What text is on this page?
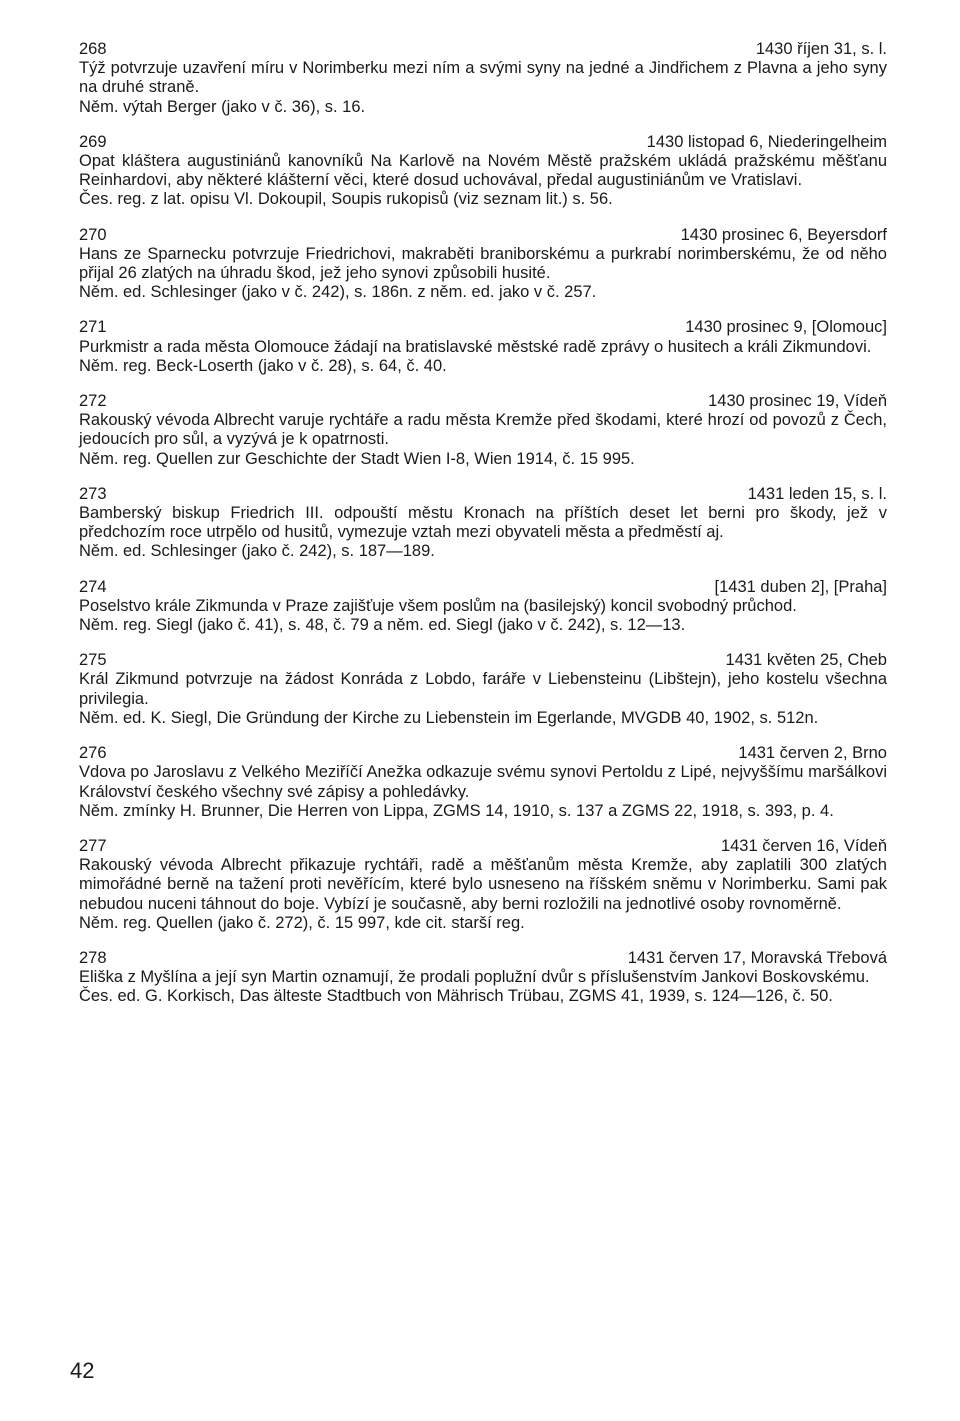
268	1430 říjen 31, s. l.
Týž potvrzuje uzavření míru v Norimberku mezi ním a svými syny na jedné a Jindřichem z Plavna a jeho syny na druhé straně.
Něm. výtah Berger (jako v č. 36), s. 16.
269	1430 listopad 6, Niederingelheim
Opat kláštera augustiniánů kanovníků Na Karlově na Novém Městě pražském ukládá pražskému měšťanu Reinhardovi, aby některé klášterní věci, které dosud uchovával, předal augustiniánům ve Vratislavi.
Čes. reg. z lat. opisu Vl. Dokoupil, Soupis rukopisů (viz seznam lit.) s. 56.
270	1430 prosinec 6, Beyersdorf
Hans ze Sparnecku potvrzuje Friedrichovi, makraběti braniborskému a purkrabí norimberskému, že od něho přijal 26 zlatých na úhradu škod, jež jeho synovi způsobili husité.
Něm. ed. Schlesinger (jako v č. 242), s. 186n. z něm. ed. jako v č. 257.
271	1430 prosinec 9, [Olomouc]
Purkmistr a rada města Olomouce žádají na bratislavské městské radě zprávy o husitech a králi Zikmundovi.
Něm. reg. Beck-Loserth (jako v č. 28), s. 64, č. 40.
272	1430 prosinec 19, Vídeň
Rakouský vévoda Albrecht varuje rychtáře a radu města Kremže před škodami, které hrozí od povozů z Čech, jedoucích pro sůl, a vyzývá je k opatrnosti.
Něm. reg. Quellen zur Geschichte der Stadt Wien I-8, Wien 1914, č. 15 995.
273	1431 leden 15, s. l.
Bamberský biskup Friedrich III. odpouští městu Kronach na příštích deset let berni pro škody, jež v předchozím roce utrpělo od husitů, vymezuje vztah mezi obyvateli města a předměstí aj.
Něm. ed. Schlesinger (jako č. 242), s. 187—189.
274	[1431 duben 2], [Praha]
Poselstvo krále Zikmunda v Praze zajišťuje všem poslům na (basilejský) koncil svobodný průchod.
Něm. reg. Siegl (jako č. 41), s. 48, č. 79 a něm. ed. Siegl (jako v č. 242), s. 12—13.
275	1431 květen 25, Cheb
Král Zikmund potvrzuje na žádost Konráda z Lobdo, faráře v Liebensteinu (Libštejn), jeho kostelu všechna privilegia.
Něm. ed. K. Siegl, Die Gründung der Kirche zu Liebenstein im Egerlande, MVGDB 40, 1902, s. 512n.
276	1431 červen 2, Brno
Vdova po Jaroslavu z Velkého Meziříčí Anežka odkazuje svému synovi Pertoldu z Lipé, nejvyššímu maršálkovi Království českého všechny své zápisy a pohledávky.
Něm. zmínky H. Brunner, Die Herren von Lippa, ZGMS 14, 1910, s. 137 a ZGMS 22, 1918, s. 393, p. 4.
277	1431 červen 16, Vídeň
Rakouský vévoda Albrecht přikazuje rychtáři, radě a měšťanům města Kremže, aby zaplatili 300 zlatých mimořádné berně na tažení proti nevěřícím, které bylo usneseno na říšském sněmu v Norimberku. Sami pak nebudou nuceni táhnout do boje. Vybízí je současně, aby berni rozložili na jednotlivé osoby rovnoměrně.
Něm. reg. Quellen (jako č. 272), č. 15 997, kde cit. starší reg.
278	1431 červen 17, Moravská Třebová
Eliška z Myšlína a její syn Martin oznamují, že prodali poplužní dvůr s příslušenstvím Jankovi Boskovskému.
Čes. ed. G. Korkisch, Das älteste Stadtbuch von Mährisch Trübau, ZGMS 41, 1939, s. 124—126, č. 50.
42
